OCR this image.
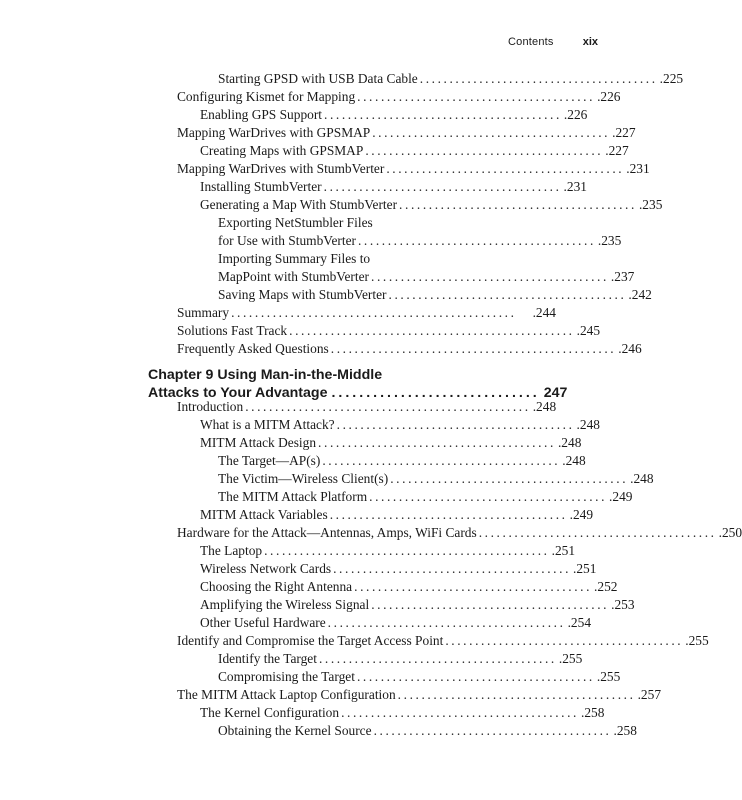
Contents	xix
Starting GPSD with USB Data Cable ........................................ .225
Configuring Kismet for Mapping ........................................ .226
Enabling GPS Support ........................................ .226
Mapping WarDrives with GPSMAP ........................................ .227
Creating Maps with GPSMAP ........................................ .227
Mapping WarDrives with StumbVerter ........................................ .231
Installing StumbVerter ........................................ .231
Generating a Map With StumbVerter ........................................ .235
Exporting NetStumbler Files
for Use with StumbVerter ........................................ .235
Importing Summary Files to
MapPoint with StumbVerter ........................................ .237
Saving Maps with StumbVerter ........................................ .242
Summary ................................................	.244
Solutions Fast Track ................................................ .245
Frequently Asked Questions ................................................ .246
Chapter 9 Using Man-in-the-Middle
Attacks to Your Advantage .............................. 247
Introduction ................................................ .248
What is a MITM Attack? ........................................ .248
MITM Attack Design ........................................ .248
The Target—AP(s) ........................................ .248
The Victim—Wireless Client(s) ........................................ .248
The MITM Attack Platform ........................................ .249
MITM Attack Variables ........................................ .249
Hardware for the Attack—Antennas, Amps, WiFi Cards ........................................ .250
The Laptop ................................................ .251
Wireless Network Cards ........................................ .251
Choosing the Right Antenna ........................................ .252
Amplifying the Wireless Signal ........................................ .253
Other Useful Hardware ........................................ .254
Identify and Compromise the Target Access Point ........................................ .255
Identify the Target ........................................ .255
Compromising the Target ........................................ .255
The MITM Attack Laptop Configuration ........................................ .257
The Kernel Configuration ........................................ .258
Obtaining the Kernel Source ........................................ .258
